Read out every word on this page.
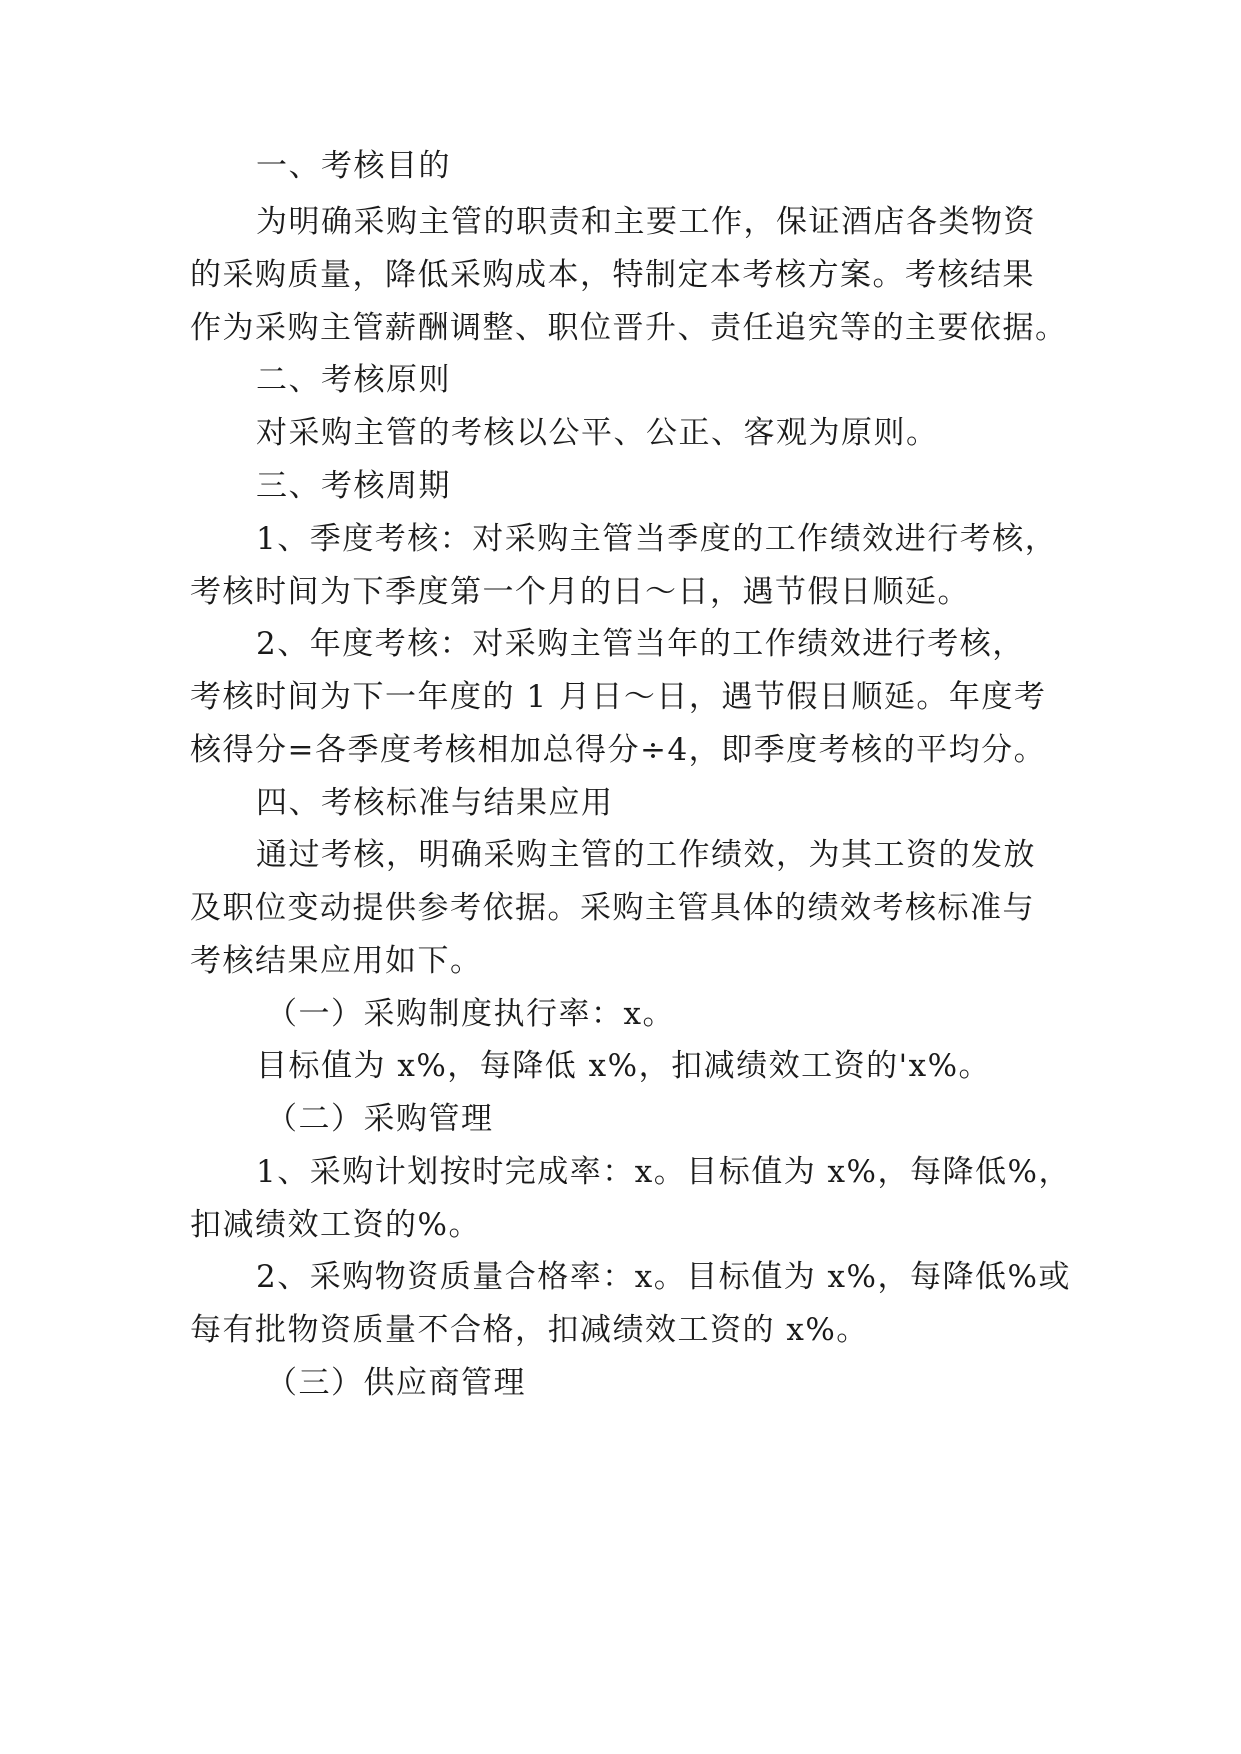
一、考核目的

为明确采购主管的职责和主要工作，保证酒店各类物资

的采购质量，降低采购成本，特制定本考核方案。考核结果

作为采购主管薪酬调整、职位晋升、责任追究等的主要依据。

二、考核原则

对采购主管的考核以公平、公正、客观为原则。

三、考核周期

1、季度考核：对采购主管当季度的工作绩效进行考核，

考核时间为下季度第一个月的日～日，遇节假日顺延。

2、年度考核：对采购主管当年的工作绩效进行考核，

考核时间为下一年度的 1 月日～日，遇节假日顺延。年度考

核得分=各季度考核相加总得分÷4，即季度考核的平均分。

四、考核标准与结果应用

通过考核，明确采购主管的工作绩效，为其工资的发放

及职位变动提供参考依据。采购主管具体的绩效考核标准与

考核结果应用如下。

（一）采购制度执行率：x。

目标值为 x%，每降低 x%，扣减绩效工资的'x%。

（二）采购管理

1、采购计划按时完成率：x。目标值为 x%，每降低%，

扣减绩效工资的%。

2、采购物资质量合格率：x。目标值为 x%，每降低%或

每有批物资质量不合格，扣减绩效工资的 x%。

（三）供应商管理
